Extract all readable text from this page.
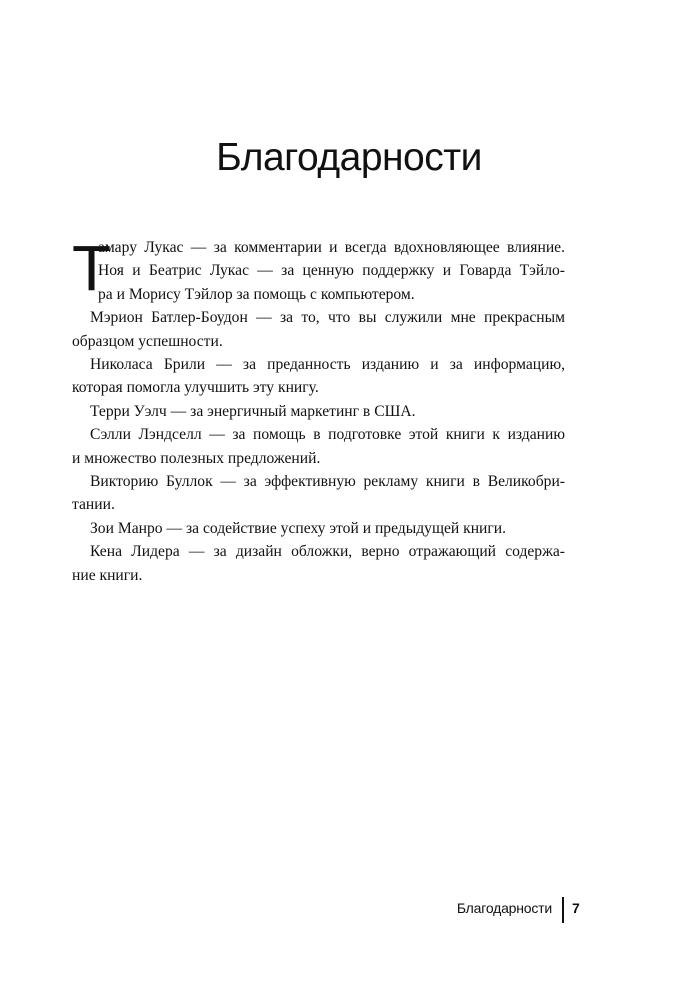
Благодарности
Т
амару Лукас — за комментарии и всегда вдохновляющее влияние.
Ноя и Беатрис Лукас — за ценную поддержку и Говарда Тэйло-
ра и Морису Тэйлор за помощь с компьютером.

Мэрион Батлер-Боудон — за то, что вы служили мне прекрасным
образцом успешности.

Николаса Брили — за преданность изданию и за информацию,
которая помогла улучшить эту книгу.

Терри Уэлч — за энергичный маркетинг в США.

Сэлли Лэндселл — за помощь в подготовке этой книги к изданию
и множество полезных предложений.

Викторию Буллок — за эффективную рекламу книги в Великобри-
тании.

Зои Манро — за содействие успеху этой и предыдущей книги.

Кена Лидера — за дизайн обложки, верно отражающий содержа-
ние книги.

Благодарности 7
